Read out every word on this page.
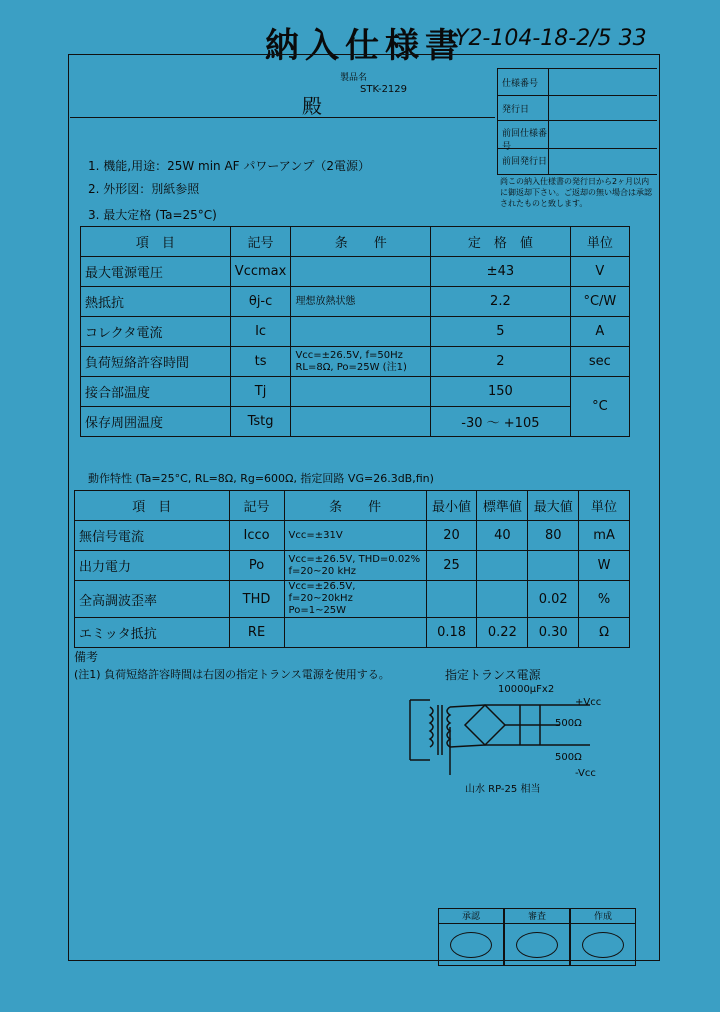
納入仕様書
Y2-104-18-2/5 33
製品名
STK-2129
殿
仕様番号
発行日
前回仕様番号
前回発行日
尚この納入仕様書の発行日から2ヶ月以内に御返却下さい。ご返却の無い場合は承認されたものと致します。
1. 機能,用途：25W min AF パワーアンプ（2電源）
2. 外形図：別紙参照
3. 最大定格 (Ta=25°C)
項　目	記号	条　　件	定　格　値	単位
最大電源電圧	Vccmax		±43	V
熱抵抗	θj-c	理想放熱状態	2.2	°C/W
コレクタ電流	Ic		5	A
負荷短絡許容時間	ts	Vcc=±26.5V, f=50Hz
RL=8Ω, Po=25W (注1)	2	sec
接合部温度	Tj		150	°C
保存周囲温度	Tstg		-30 ～ +105	
動作特性 (Ta=25°C, RL=8Ω, Rg=600Ω, 指定回路 VG=26.3dB,fin)
項　目	記号	条　　件	最小値	標準値	最大値	単位
無信号電流	Icco	Vcc=±31V	20	40	80	mA
出力電力	Po	Vcc=±26.5V, THD=0.02%
f=20~20 kHz	25			W
全高調波歪率	THD	Vcc=±26.5V, f=20~20kHz
Po=1~25W			0.02	%
エミッタ抵抗	RE		0.18	0.22	0.30	Ω
備考
(注1) 負荷短絡許容時間は右図の指定トランス電源を使用する。	指定トランス電源
10000μFx2
+Vcc
500Ω
500Ω
-Vcc
山水 RP-25 相当
承認	審査	作成
